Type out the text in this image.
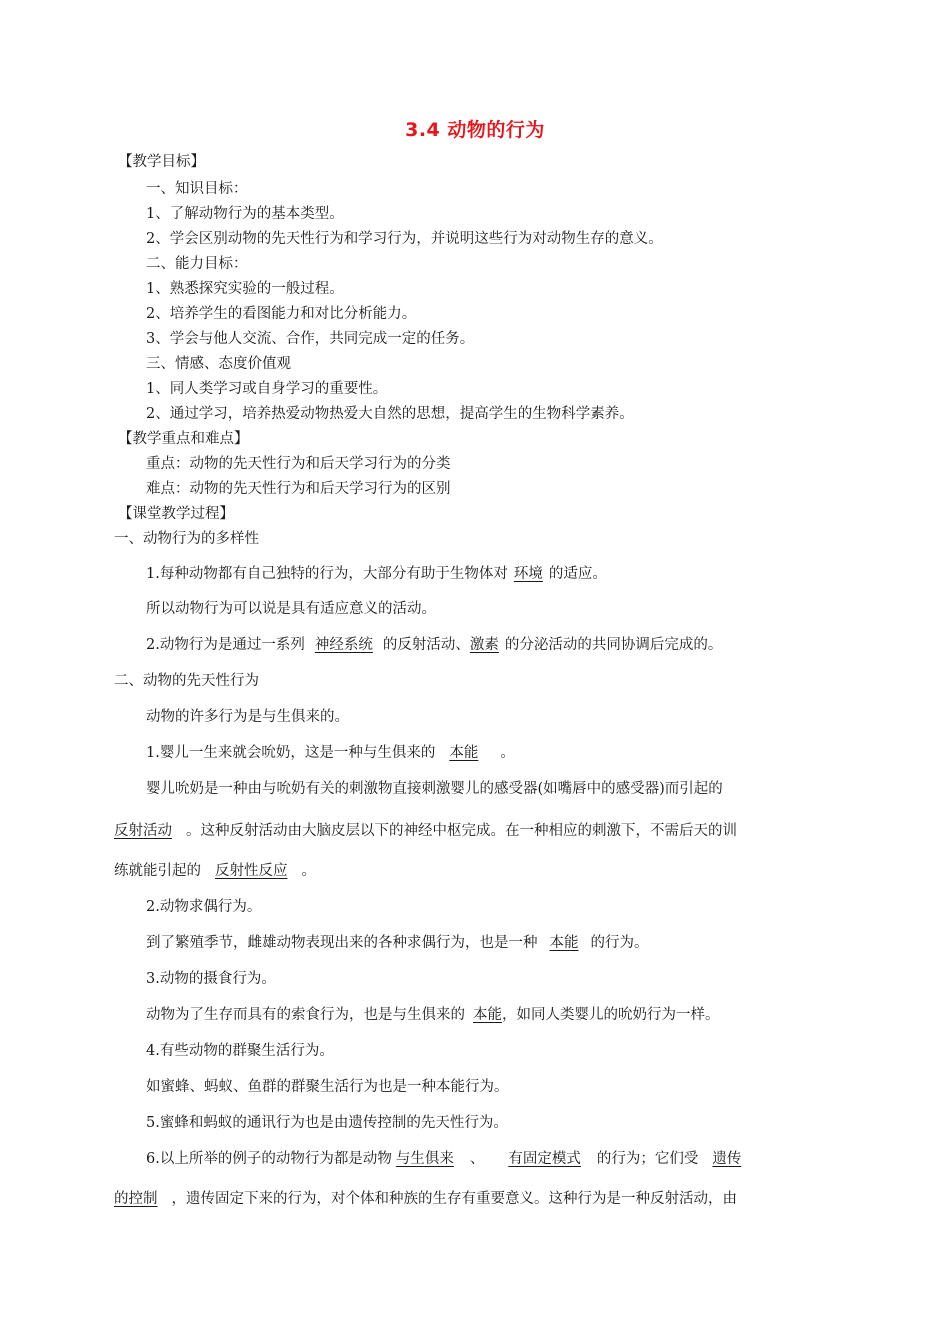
3.4 动物的行为
【教学目标】
一、知识目标：
1、了解动物行为的基本类型。
2、学会区别动物的先天性行为和学习行为，并说明这些行为对动物生存的意义。
二、能力目标：
1、熟悉探究实验的一般过程。
2、培养学生的看图能力和对比分析能力。
3、学会与他人交流、合作，共同完成一定的任务。
三、情感、态度价值观
1、同人类学习或自身学习的重要性。
2、通过学习，培养热爱动物热爱大自然的思想，提高学生的生物科学素养。
【教学重点和难点】
重点：动物的先天性行为和后天学习行为的分类
难点：动物的先天性行为和后天学习行为的区别
【课堂教学过程】
一、动物行为的多样性
1.每种动物都有自己独特的行为，大部分有助于生物体对 环境 的适应。
所以动物行为可以说是具有适应意义的活动。
2.动物行为是通过一系列 神经系统 的反射活动、激素 的分泌活动的共同协调后完成的。
二、动物的先天性行为
动物的许多行为是与生俱来的。
1.婴儿一生来就会吮奶，这是一种与生俱来的 本能 。
婴儿吮奶是一种由与吮奶有关的刺激物直接刺激婴儿的感受器(如嘴唇中的感受器)而引起的
反射活动 。这种反射活动由大脑皮层以下的神经中枢完成。在一种相应的刺激下，不需后天的训
练就能引起的 反射性反应 。
2.动物求偶行为。
到了繁殖季节，雌雄动物表现出来的各种求偶行为，也是一种 本能 的行为。
3.动物的摄食行为。
动物为了生存而具有的索食行为，也是与生俱来的 本能，如同人类婴儿的吮奶行为一样。
4.有些动物的群聚生活行为。
如蜜蜂、蚂蚁、鱼群的群聚生活行为也是一种本能行为。
5.蜜蜂和蚂蚁的通讯行为也是由遗传控制的先天性行为。
6.以上所举的例子的动物行为都是动物 与生俱来 、 有固定模式 的行为；它们受 遗传
的控制 ，遗传固定下来的行为，对个体和种族的生存有重要意义。这种行为是一种反射活动，由
